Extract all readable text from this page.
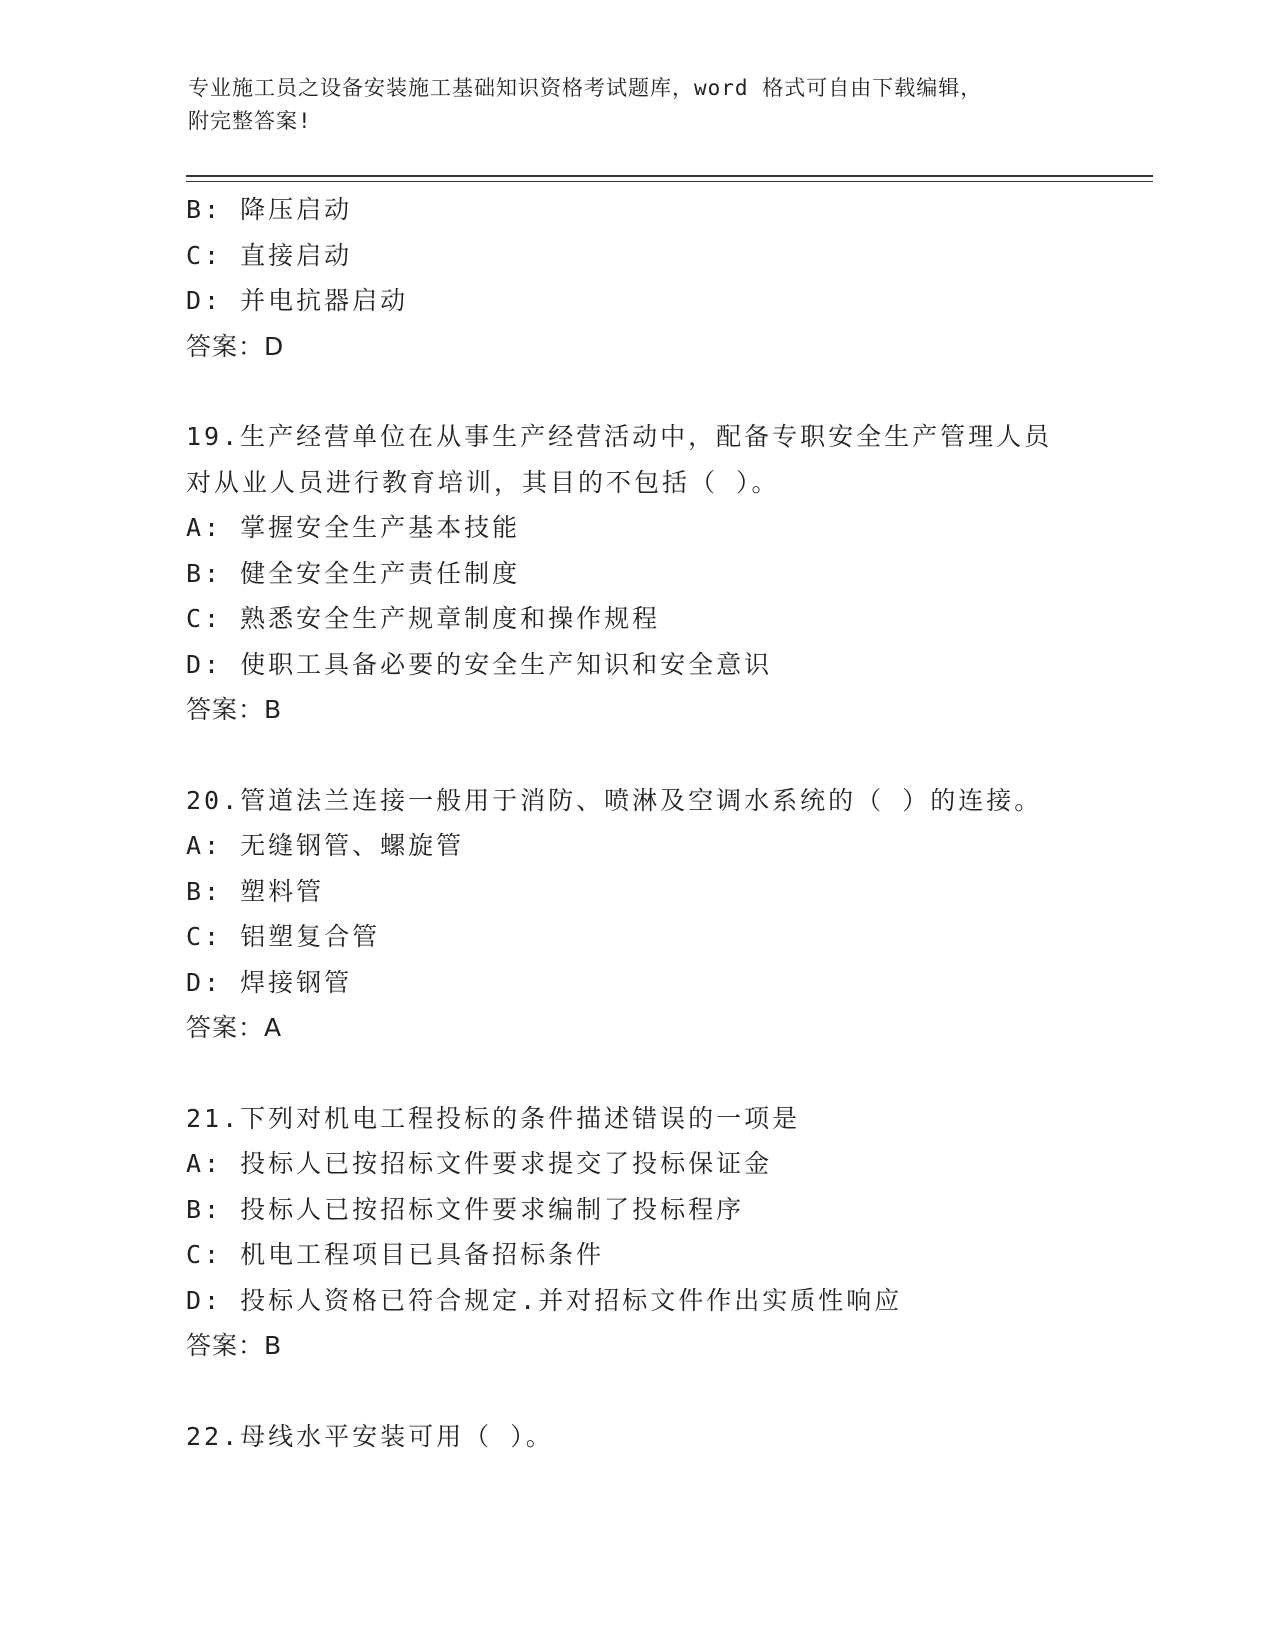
专业施工员之设备安装施工基础知识资格考试题库，word 格式可自由下载编辑，
附完整答案!
B: 降压启动
C: 直接启动
D: 并电抗器启动
答案：D
19.生产经营单位在从事生产经营活动中，配备专职安全生产管理人员
对从业人员进行教育培训，其目的不包括（ ）。
A: 掌握安全生产基本技能
B: 健全安全生产责任制度
C: 熟悉安全生产规章制度和操作规程
D: 使职工具备必要的安全生产知识和安全意识
答案：B
20.管道法兰连接一般用于消防、喷淋及空调水系统的（ ）的连接。
A: 无缝钢管、螺旋管
B: 塑料管
C: 铝塑复合管
D: 焊接钢管
答案：A
21.下列对机电工程投标的条件描述错误的一项是
A: 投标人已按招标文件要求提交了投标保证金
B: 投标人已按招标文件要求编制了投标程序
C: 机电工程项目已具备招标条件
D: 投标人资格已符合规定.并对招标文件作出实质性响应
答案：B
22.母线水平安装可用（ ）。
